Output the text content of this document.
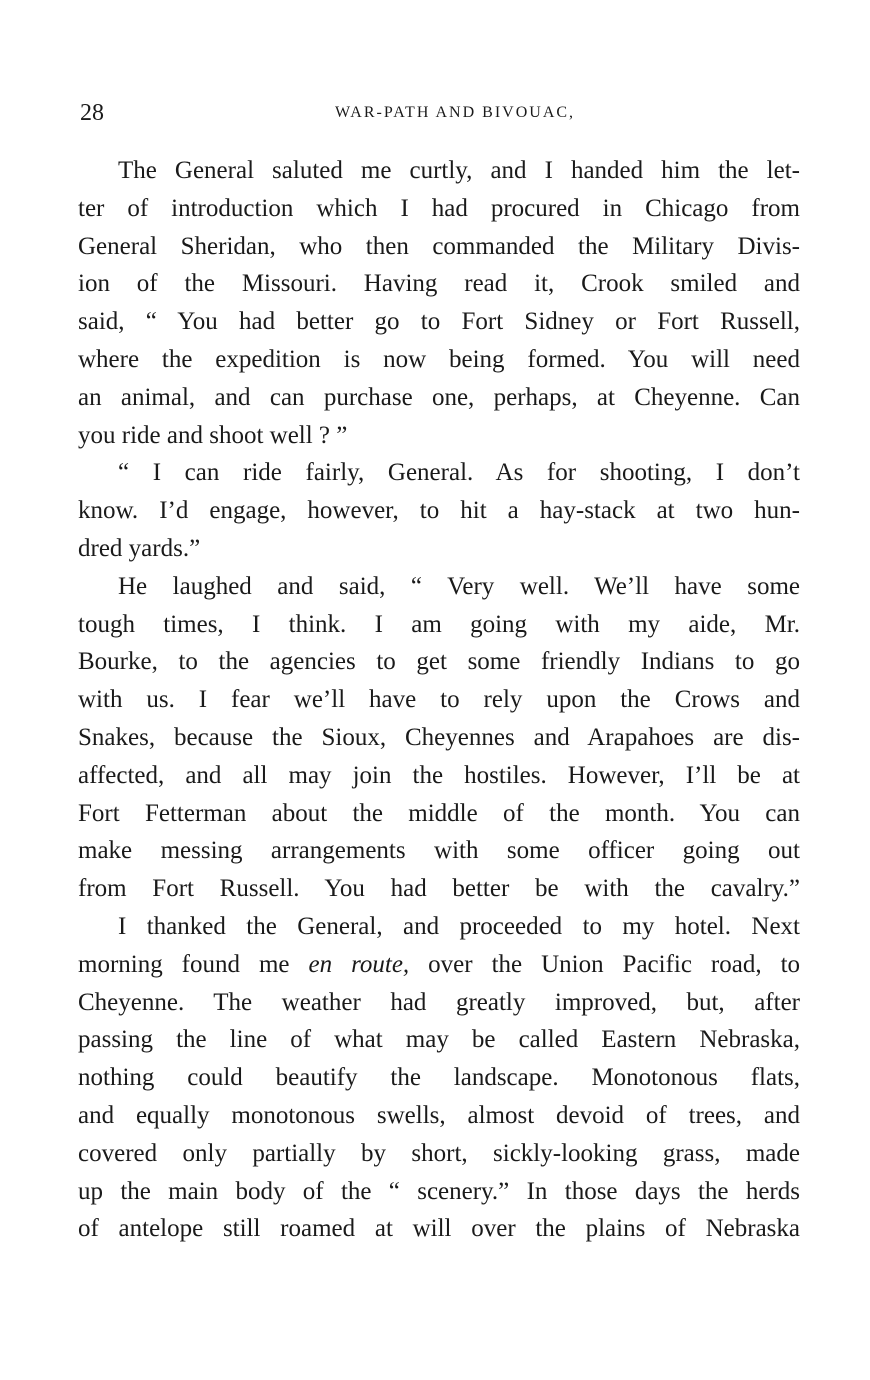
28	WAR-PATH AND BIVOUAC,
The General saluted me curtly, and I handed him the let-
ter of introduction which I had procured in Chicago from
General Sheridan, who then commanded the Military Divis-
ion of the Missouri. Having read it, Crook smiled and
said, “ You had better go to Fort Sidney or Fort Russell,
where the expedition is now being formed. You will need
an animal, and can purchase one, perhaps, at Cheyenne. Can
you ride and shoot well ? ”
“ I can ride fairly, General. As for shooting, I don’t
know. I’d engage, however, to hit a hay-stack at two hun-
dred yards.”
He laughed and said, “ Very well. We’ll have some
tough times, I think. I am going with my aide, Mr.
Bourke, to the agencies to get some friendly Indians to go
with us. I fear we’ll have to rely upon the Crows and
Snakes, because the Sioux, Cheyennes and Arapahoes are dis-
affected, and all may join the hostiles. However, I’ll be at
Fort Fetterman about the middle of the month. You can
make messing arrangements with some officer going out
from Fort Russell. You had better be with the cavalry.”
I thanked the General, and proceeded to my hotel. Next
morning found me en route, over the Union Pacific road, to
Cheyenne. The weather had greatly improved, but, after
passing the line of what may be called Eastern Nebraska,
nothing could beautify the landscape. Monotonous flats,
and equally monotonous swells, almost devoid of trees, and
covered only partially by short, sickly-looking grass, made
up the main body of the “ scenery.” In those days the herds
of antelope still roamed at will over the plains of Nebraska
